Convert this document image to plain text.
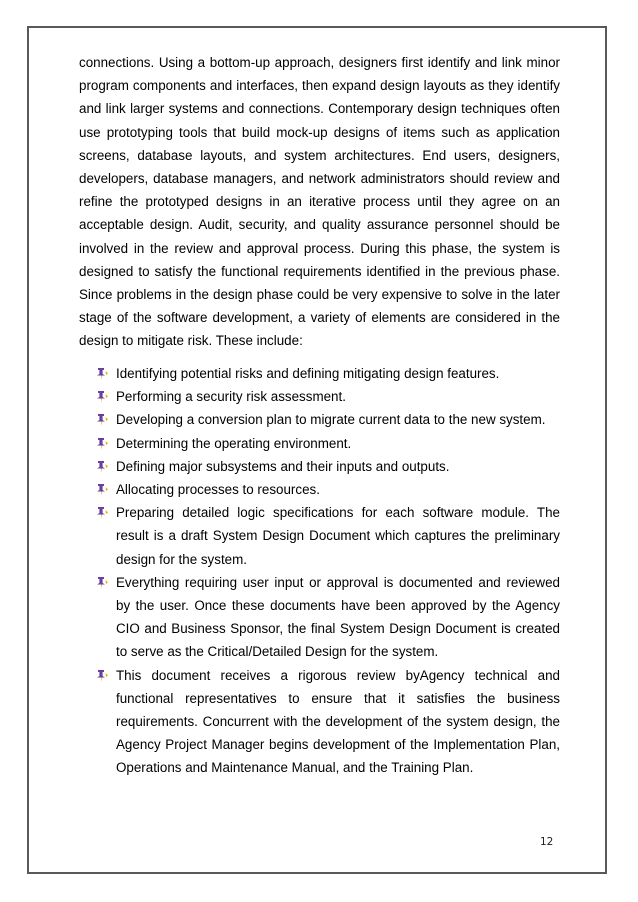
connections. Using a bottom-up approach, designers first identify and link minor program components and interfaces, then expand design layouts as they identify and link larger systems and connections. Contemporary design techniques often use prototyping tools that build mock-up designs of items such as application screens, database layouts, and system architectures. End users, designers, developers, database managers, and network administrators should review and refine the prototyped designs in an iterative process until they agree on an acceptable design. Audit, security, and quality assurance personnel should be involved in the review and approval process. During this phase, the system is designed to satisfy the functional requirements identified in the previous phase. Since problems in the design phase could be very expensive to solve in the later stage of the software development, a variety of elements are considered in the design to mitigate risk. These include:

Identifying potential risks and defining mitigating design features.
Performing a security risk assessment.
Developing a conversion plan to migrate current data to the new system.
Determining the operating environment.
Defining major subsystems and their inputs and outputs.
Allocating processes to resources.
Preparing detailed logic specifications for each software module. The result is a draft System Design Document which captures the preliminary design for the system.
Everything requiring user input or approval is documented and reviewed by the user. Once these documents have been approved by the Agency CIO and Business Sponsor, the final System Design Document is created to serve as the Critical/Detailed Design for the system.
This document receives a rigorous review byAgency technical and functional representatives to ensure that it satisfies the business requirements. Concurrent with the development of the system design, the Agency Project Manager begins development of the Implementation Plan, Operations and Maintenance Manual, and the Training Plan.
12
